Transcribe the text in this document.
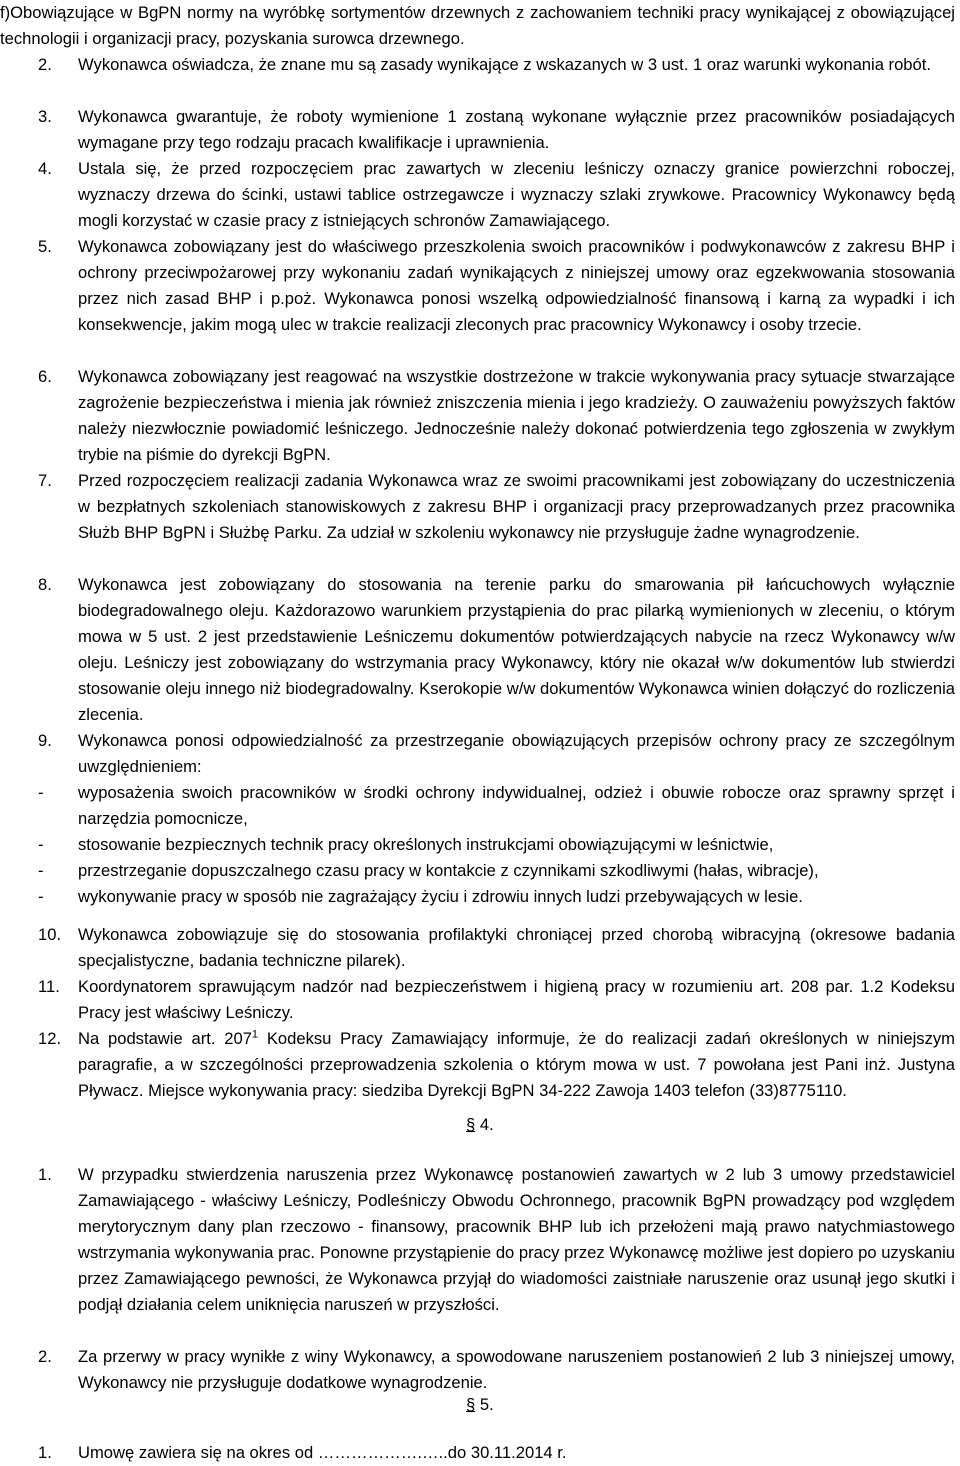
f)Obowiązujące w BgPN normy na wyróbkę sortymentów drzewnych z zachowaniem techniki pracy wynikającej z obowiązującej technologii i organizacji pracy, pozyskania surowca drzewnego.
2. Wykonawca oświadcza, że znane mu są zasady wynikające z wskazanych w 3 ust. 1 oraz warunki wykonania robót.
3. Wykonawca gwarantuje, że roboty wymienione 1 zostaną wykonane wyłącznie przez pracowników posiadających wymagane przy tego rodzaju pracach kwalifikacje i uprawnienia.
4. Ustala się, że przed rozpoczęciem prac zawartych w zleceniu leśniczy oznaczy granice powierzchni roboczej, wyznaczy drzewa do ścinki, ustawi tablice ostrzegawcze i wyznaczy szlaki zrywkowe. Pracownicy Wykonawcy będą mogli korzystać w czasie pracy z istniejących schronów Zamawiającego.
5. Wykonawca zobowiązany jest do właściwego przeszkolenia swoich pracowników i podwykonawców z zakresu BHP i ochrony przeciwpożarowej przy wykonaniu zadań wynikających z niniejszej umowy oraz egzekwowania stosowania przez nich zasad BHP i p.poż. Wykonawca ponosi wszelką odpowiedzialność finansową i karną za wypadki i ich konsekwencje, jakim mogą ulec w trakcie realizacji zleconych prac pracownicy Wykonawcy i osoby trzecie.
6. Wykonawca zobowiązany jest reagować na wszystkie dostrzeżone w trakcie wykonywania pracy sytuacje stwarzające zagrożenie bezpieczeństwa i mienia jak również zniszczenia mienia i jego kradzieży. O zauważeniu powyższych faktów należy niezwłocznie powiadomić leśniczego. Jednocześnie należy dokonać potwierdzenia tego zgłoszenia w zwykłym trybie na piśmie do dyrekcji BgPN.
7. Przed rozpoczęciem realizacji zadania Wykonawca wraz ze swoimi pracownikami jest zobowiązany do uczestniczenia w bezpłatnych szkoleniach stanowiskowych z zakresu BHP i organizacji pracy przeprowadzanych przez pracownika Służb BHP BgPN i Służbę Parku. Za udział w szkoleniu wykonawcy nie przysługuje żadne wynagrodzenie.
8. Wykonawca jest zobowiązany do stosowania na terenie parku do smarowania pił łańcuchowych wyłącznie biodegradowalnego oleju. Każdorazowo warunkiem przystąpienia do prac pilarką wymienionych w zleceniu, o którym mowa w 5 ust. 2 jest przedstawienie Leśniczemu dokumentów potwierdzających nabycie na rzecz Wykonawcy w/w oleju. Leśniczy jest zobowiązany do wstrzymania pracy Wykonawcy, który nie okazał w/w dokumentów lub stwierdzi stosowanie oleju innego niż biodegradowalny. Kserokopie w/w dokumentów Wykonawca winien dołączyć do rozliczenia zlecenia.
9. Wykonawca ponosi odpowiedzialność za przestrzeganie obowiązujących przepisów ochrony pracy ze szczególnym uwzględnieniem:
- wyposażenia swoich pracowników w środki ochrony indywidualnej, odzież i obuwie robocze oraz sprawny sprzęt i narzędzia pomocnicze,
- stosowanie bezpiecznych technik pracy określonych instrukcjami obowiązującymi w leśnictwie,
- przestrzeganie dopuszczalnego czasu pracy w kontakcie z czynnikami szkodliwymi (hałas, wibracje),
- wykonywanie pracy w sposób nie zagrażający życiu i zdrowiu innych ludzi przebywających w lesie.
10. Wykonawca zobowiązuje się do stosowania profilaktyki chroniącej przed chorobą wibracyjną (okresowe badania specjalistyczne, badania techniczne pilarek).
11. Koordynatorem sprawującym nadzór nad bezpieczeństwem i higieną pracy w rozumieniu art. 208 par. 1.2 Kodeksu Pracy jest właściwy Leśniczy.
12. Na podstawie art. $207^1$ Kodeksu Pracy Zamawiający informuje, że do realizacji zadań określonych w niniejszym paragrafie, a w szczególności przeprowadzenia szkolenia o którym mowa w ust. 7 powołana jest Pani inż. Justyna Pływacz. Miejsce wykonywania pracy: siedziba Dyrekcji BgPN 34-222 Zawoja 1403 telefon (33)8775110.
§ 4.
1. W przypadku stwierdzenia naruszenia przez Wykonawcę postanowień zawartych w 2 lub 3 umowy przedstawiciel Zamawiającego - właściwy Leśniczy, Podleśniczy Obwodu Ochronnego, pracownik BgPN prowadzący pod względem merytorycznym dany plan rzeczowo - finansowy, pracownik BHP lub ich przełożeni mają prawo natychmiastowego wstrzymania wykonywania prac. Ponowne przystąpienie do pracy przez Wykonawcę możliwe jest dopiero po uzyskaniu przez Zamawiającego pewności, że Wykonawca przyjął do wiadomości zaistniałe naruszenie oraz usunął jego skutki i podjął działania celem uniknięcia naruszeń w przyszłości.
2. Za przerwy w pracy wynikłe z winy Wykonawcy, a spowodowane naruszeniem postanowień 2 lub 3 niniejszej umowy, Wykonawcy nie przysługuje dodatkowe wynagrodzenie.
§ 5.
1. Umowę zawiera się na okres od ……………….…..do 30.11.2014 r.
